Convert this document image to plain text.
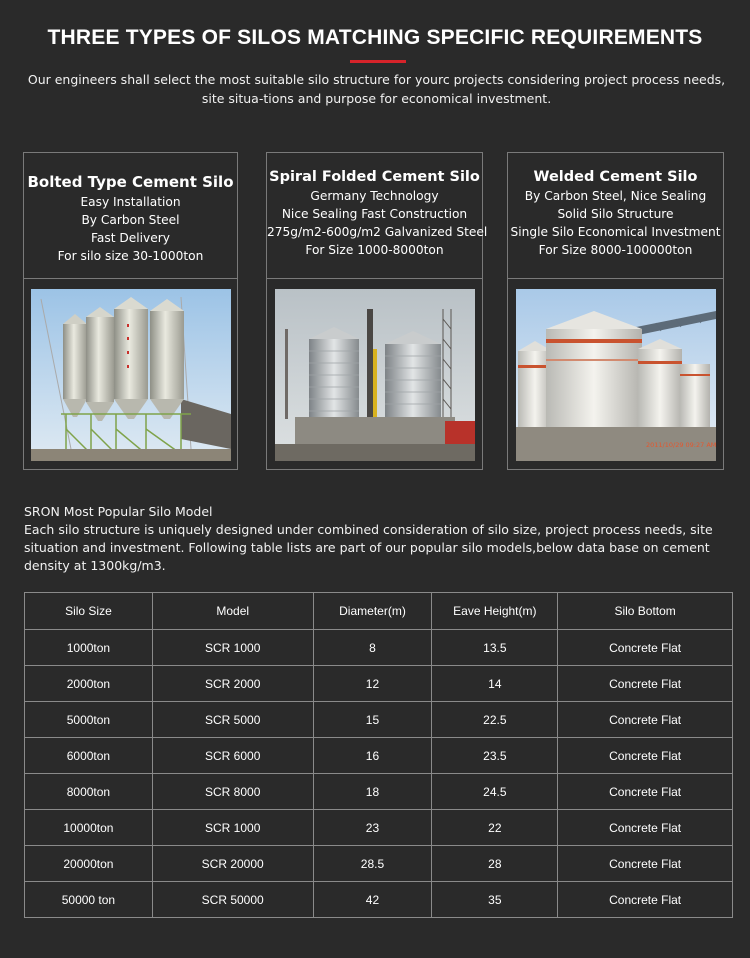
THREE TYPES OF SILOS MATCHING SPECIFIC REQUIREMENTS

Our engineers shall select the most suitable silo structure for yourc projects considering project process needs, site situa-tions and purpose for economical investment.

Bolted Type Cement Silo

Easy Installation

By Carbon Steel

Fast Delivery

For silo size 30-1000ton

Spiral Folded Cement Silo

Germany Technology

Nice Sealing Fast Construction

275g/m2-600g/m2 Galvanized Steel

For Size 1000-8000ton

Welded Cement Silo

By Carbon Steel, Nice Sealing

Solid Silo Structure

Single Silo Economical Investment

For Size 8000-100000ton

2011/10/29 09:27 AM

SRON Most Popular Silo Model

Each silo structure is uniquely designed under combined consideration of silo size, project process needs, site situation and investment. Following table lists are part of our popular silo models,below data base on cement density at 1300kg/m3.

Silo Size	Model	Diameter(m)	Eave Height(m)	Silo Bottom
1000ton	SCR 1000	8	13.5	Concrete Flat
2000ton	SCR 2000	12	14	Concrete Flat
5000ton	SCR 5000	15	22.5	Concrete Flat
6000ton	SCR 6000	16	23.5	Concrete Flat
8000ton	SCR 8000	18	24.5	Concrete Flat
10000ton	SCR 1000	23	22	Concrete Flat
20000ton	SCR 20000	28.5	28	Concrete Flat
50000 ton	SCR 50000	42	35	Concrete Flat
